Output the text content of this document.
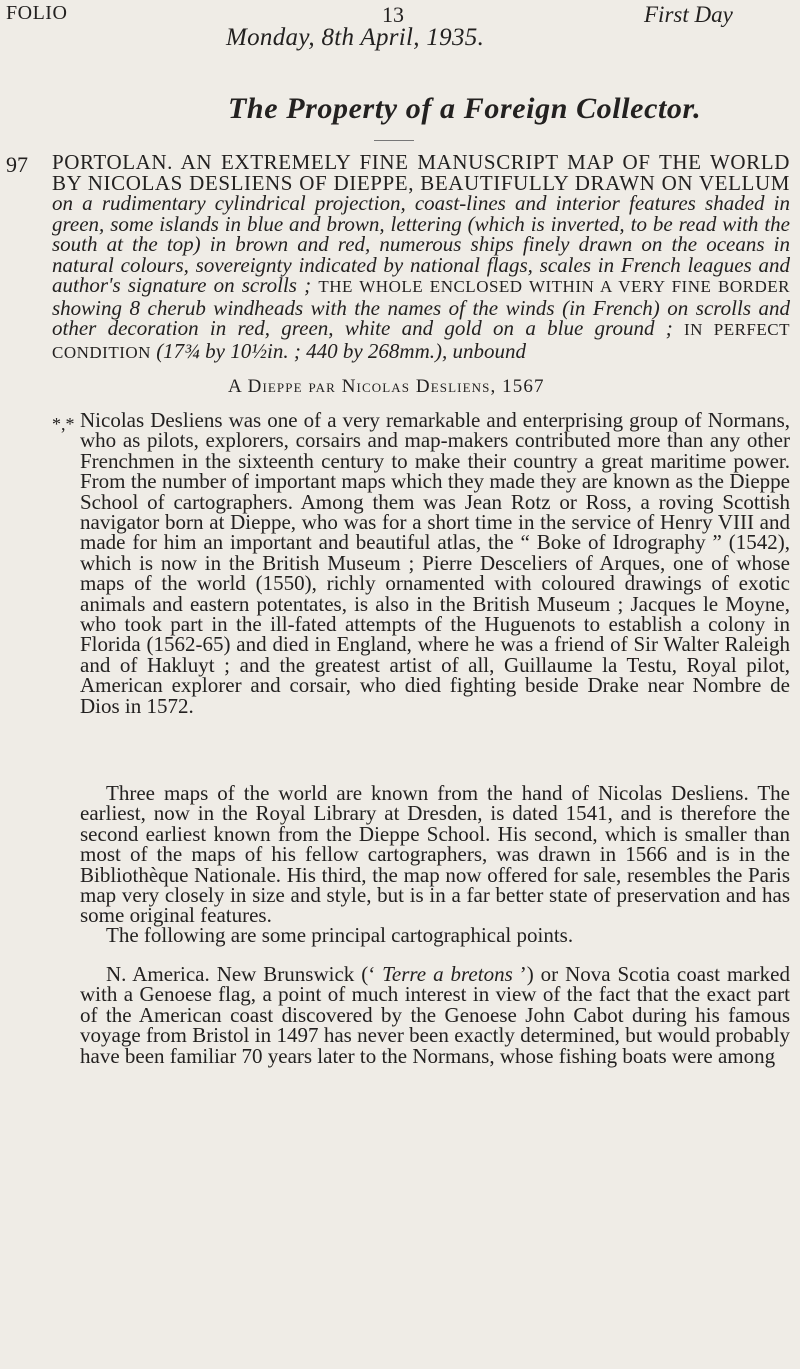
FOLIO	13	First Day
Monday, 8th April, 1935.
The Property of a Foreign Collector.
97 PORTOLAN. AN EXTREMELY FINE MANUSCRIPT MAP OF THE WORLD BY NICOLAS DESLIENS OF DIEPPE, BEAUTIFULLY DRAWN ON VELLUM on a rudimentary cylindrical projection, coast-lines and interior features shaded in green, some islands in blue and brown, lettering (which is inverted, to be read with the south at the top) in brown and red, numerous ships finely drawn on the oceans in natural colours, sovereignty indicated by national flags, scales in French leagues and author's signature on scrolls ; THE WHOLE ENCLOSED WITHIN A VERY FINE BORDER showing 8 cherub windheads with the names of the winds (in French) on scrolls and other decoration in red, green, white and gold on a blue ground ; IN PERFECT CONDITION (17¾ by 10½in. ; 440 by 268mm.), unbound
A Dieppe par Nicolas Desliens, 1567
*,* Nicolas Desliens was one of a very remarkable and enterprising group of Normans, who as pilots, explorers, corsairs and map-makers contributed more than any other Frenchmen in the sixteenth century to make their country a great maritime power. From the number of important maps which they made they are known as the Dieppe School of cartographers. Among them was Jean Rotz or Ross, a roving Scottish navigator born at Dieppe, who was for a short time in the service of Henry VIII and made for him an important and beautiful atlas, the “ Boke of Idrography ” (1542), which is now in the British Museum ; Pierre Desceliers of Arques, one of whose maps of the world (1550), richly ornamented with coloured drawings of exotic animals and eastern potentates, is also in the British Museum ; Jacques le Moyne, who took part in the ill-fated attempts of the Huguenots to establish a colony in Florida (1562-65) and died in England, where he was a friend of Sir Walter Raleigh and of Hakluyt ; and the greatest artist of all, Guillaume la Testu, Royal pilot, American explorer and corsair, who died fighting beside Drake near Nombre de Dios in 1572.

Three maps of the world are known from the hand of Nicolas Desliens. The earliest, now in the Royal Library at Dresden, is dated 1541, and is therefore the second earliest known from the Dieppe School. His second, which is smaller than most of the maps of his fellow cartographers, was drawn in 1566 and is in the Bibliothèque Nationale. His third, the map now offered for sale, resembles the Paris map very closely in size and style, but is in a far better state of preservation and has some original features.

The following are some principal cartographical points.

N. America. New Brunswick (‘ Terre a bretons ’) or Nova Scotia coast marked with a Genoese flag, a point of much interest in view of the fact that the exact part of the American coast discovered by the Genoese John Cabot during his famous voyage from Bristol in 1497 has never been exactly determined, but would probably have been familiar 70 years later to the Normans, whose fishing boats were among
